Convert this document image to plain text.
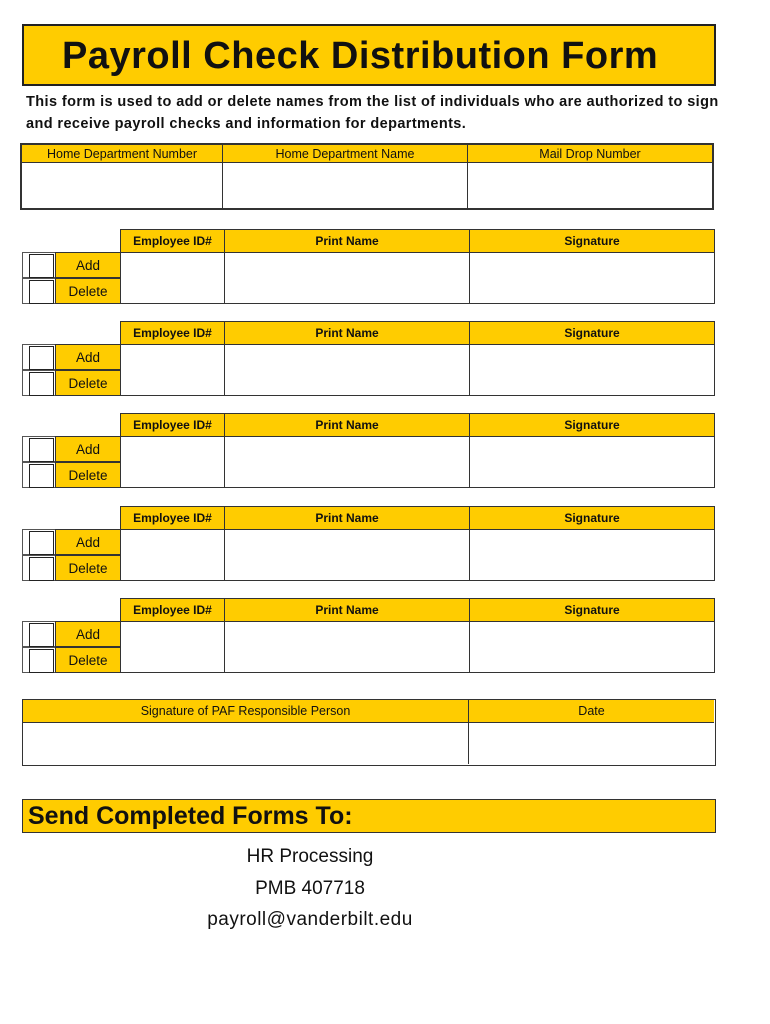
Payroll Check Distribution Form
This form is used to add or delete names from the list of individuals who are authorized to sign and receive payroll checks and information for departments.
Home Department Number	Home Department Name	Mail Drop Number
Employee ID#	Print Name	Signature
Add
Delete
Employee ID#	Print Name	Signature
Add
Delete
Employee ID#	Print Name	Signature
Add
Delete
Employee ID#	Print Name	Signature
Add
Delete
Employee ID#	Print Name	Signature
Add
Delete
Signature of PAF Responsible Person	Date
Send Completed Forms To:
HR Processing
PMB 407718
payroll@vanderbilt.edu
